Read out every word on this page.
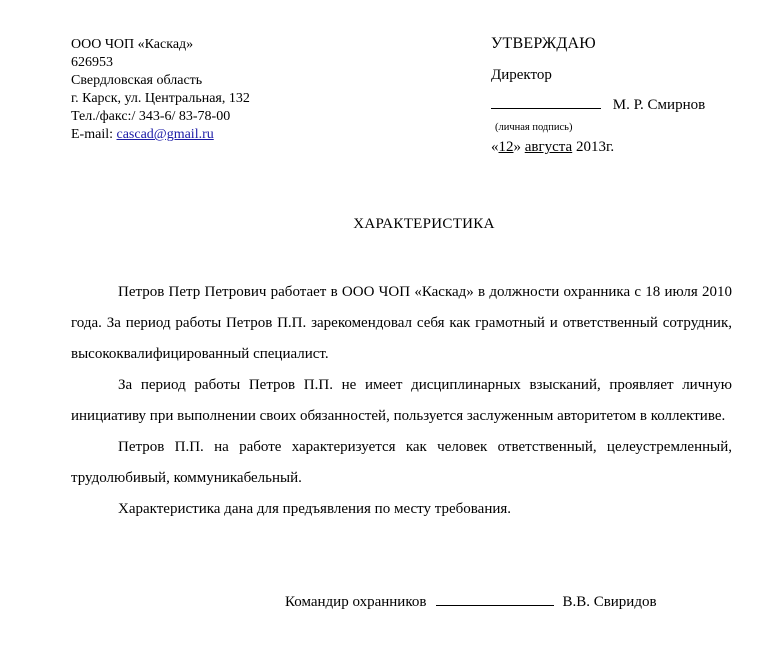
ООО ЧОП «Каскад»
626953
Свердловская область
г. Карск, ул. Центральная, 132
Тел./факс:/ 343-6/ 83-78-00
E-mail: cascad@gmail.ru
УТВЕРЖДАЮ
Директор
М. Р. Смирнов
(личная подпись)
«12» августа 2013г.
ХАРАКТЕРИСТИКА

Петров Петр Петрович работает в ООО ЧОП «Каскад» в должности охранника с 18 июля 2010 года. За период работы Петров П.П. зарекомендовал себя как грамотный и ответственный сотрудник, высококвалифицированный специалист.

За период работы Петров П.П. не имеет дисциплинарных взысканий, проявляет личную инициативу при выполнении своих обязанностей, пользуется заслуженным авторитетом в коллективе.

Петров П.П. на работе характеризуется как человек ответственный, целеустремленный, трудолюбивый, коммуникабельный.

Характеристика дана для предъявления по месту требования.

Командир охранников	В.В. Свиридов
